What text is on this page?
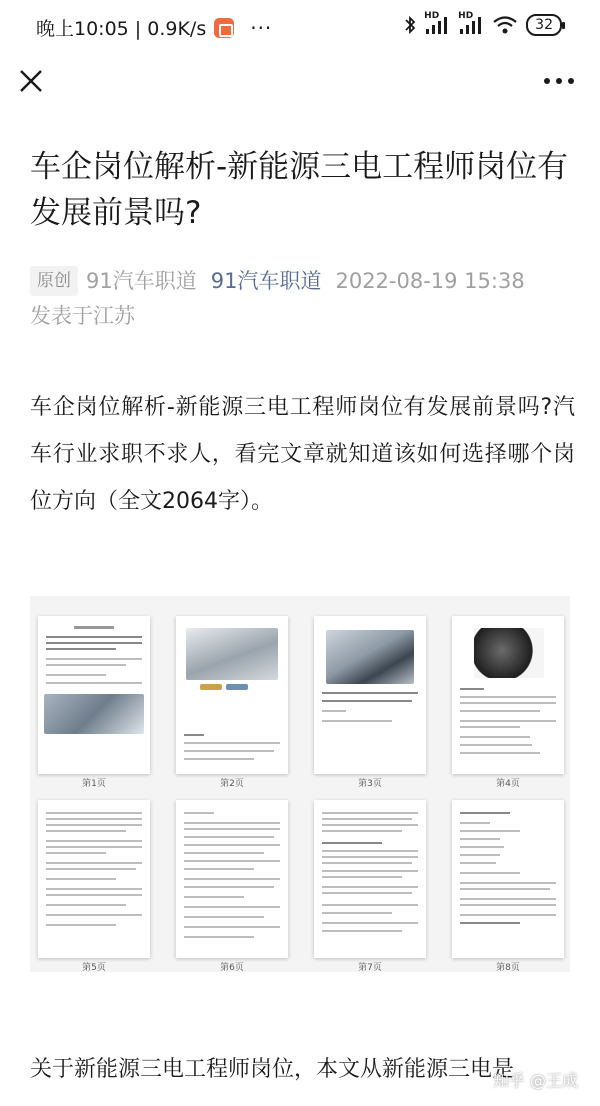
晚上10:05 | 0.9K/s ···	HD HD
32
车企岗位解析-新能源三电工程师岗位有发展前景吗?
原创 91汽车职道 91汽车职道 2022-08-19 15:38
发表于江苏

车企岗位解析-新能源三电工程师岗位有发展前景吗?汽车行业求职不求人，看完文章就知道该如何选择哪个岗位方向（全文2064字）。

第1页	第2页	第3页	第4页
第5页	第6页	第7页	第8页

关于新能源三电工程师岗位，本文从新能源三电是

知乎 @王成
